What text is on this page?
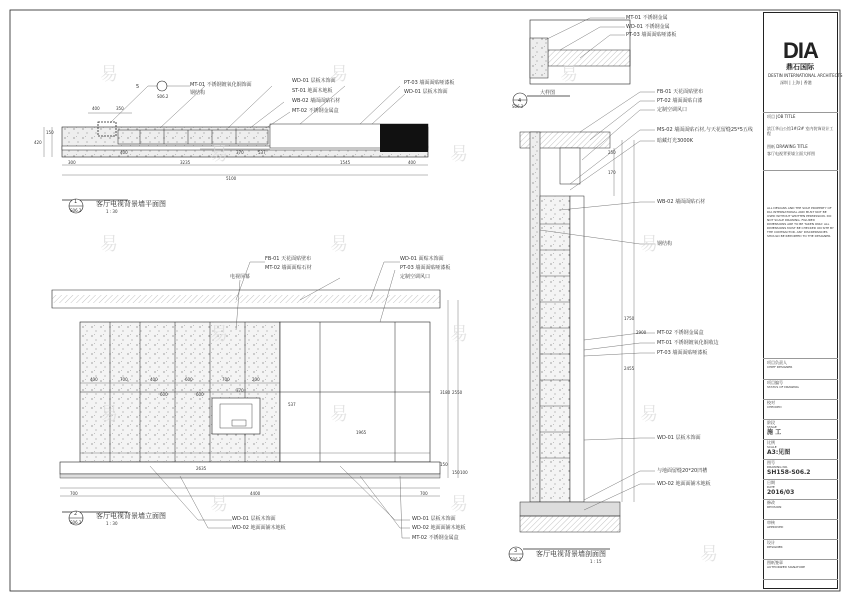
易	易	易
易	易
易	易	易
易	易
易	易	易
易	易
易
5
S06.2
MT-01 不锈钢镀氧化铜饰面
钢结构
WD-01 层板木饰面
ST-01 地面木地板
WB-02 墙面面贴石材
MT-02 不锈钢金属盒
PT-03 墙面面贴哑漆板
WD-01 层板木饰面
400	350
300	3235	1545	400
370
5100
400	537
420
150
1
S06.2
客厅电视背景墙平面图
1 : 30
FB-01 天花面贴壁布
MT-02 墙面面贴石材
电视屏幕
WD-01 面贴木饰面
PT-03 墙面面贴哑漆板
定制空调风口
WD-01 层板木饰面
WD-02 地面面铺木地板
WD-01 层板木饰面
WD-02 地面面铺木地板
MT-02 不锈钢金属盒
400	700	400	600	700	200
370
537
600	600
1965
2635
700	4400
3180 2550
150
700
150 100
2
S06.2
客厅电视背景墙立面图
1 : 30
MT-01 不锈钢金属
WD-01 不锈钢金属
PT-03 墙面面贴哑漆板
4
S06.2
大样图	FB-01 天花面贴壁布
PT-02 墙面面贴白漆
定制空调风口
MS-02 墙面面贴石材,与天花留缝25*5五线
暗藏灯光3000K
WB-02 墙面面贴石材
钢结构
MT-02 不锈钢金属盒
MT-01 不锈钢镀氧化铜收边
PT-03 墙面面贴哑漆板
WD-01 层板木饰面
与地面留缝20*20凹槽
WD-02 地面面铺木地板
170
250
1750
2900
2455
3
S06.2
客厅电视背景墙剖面图
1 : 15
DIA
鼎石国际
DESTIN INTERNATIONAL ARCHITECTS
深圳 | 上海 | 香港
项目 JOB TITLE
滨江华山公馆1#/2# 室内装饰设计工程
图纸 DRAWING TITLE
客厅电视背景墙立面大样图
ALL DESIGNS AND THE SOLE PROPERTY OF DIA INTERNATIONAL AND MUST NOT BE USED WITHOUT WRITTEN PERMISSION. DO NOT SCALE DRAWING. FIGURED DIMENSIONS ARE TO BE TAKEN ONLY. ALL DIMENSIONS MUST BE CHECKED ON SITE BY THE CONTRACTOR. ANY DISCREPANCIES SHOULD BE REPORTED TO THE DESIGNER.
项目负责人
CHIEF DESIGNER
项目编号
STATUS OF DRAWING
校对
CHECKED
阶段
STAGE
施 工
比例
SCALE
A3:见图
图号
DRAWING NO.
SH158-S06.2
日期
DATE
2016/03
修改
REVISION
审核
APPROVED
设计
DESIGNER
图纸签章
AUTHORIZED SIGNATURE
